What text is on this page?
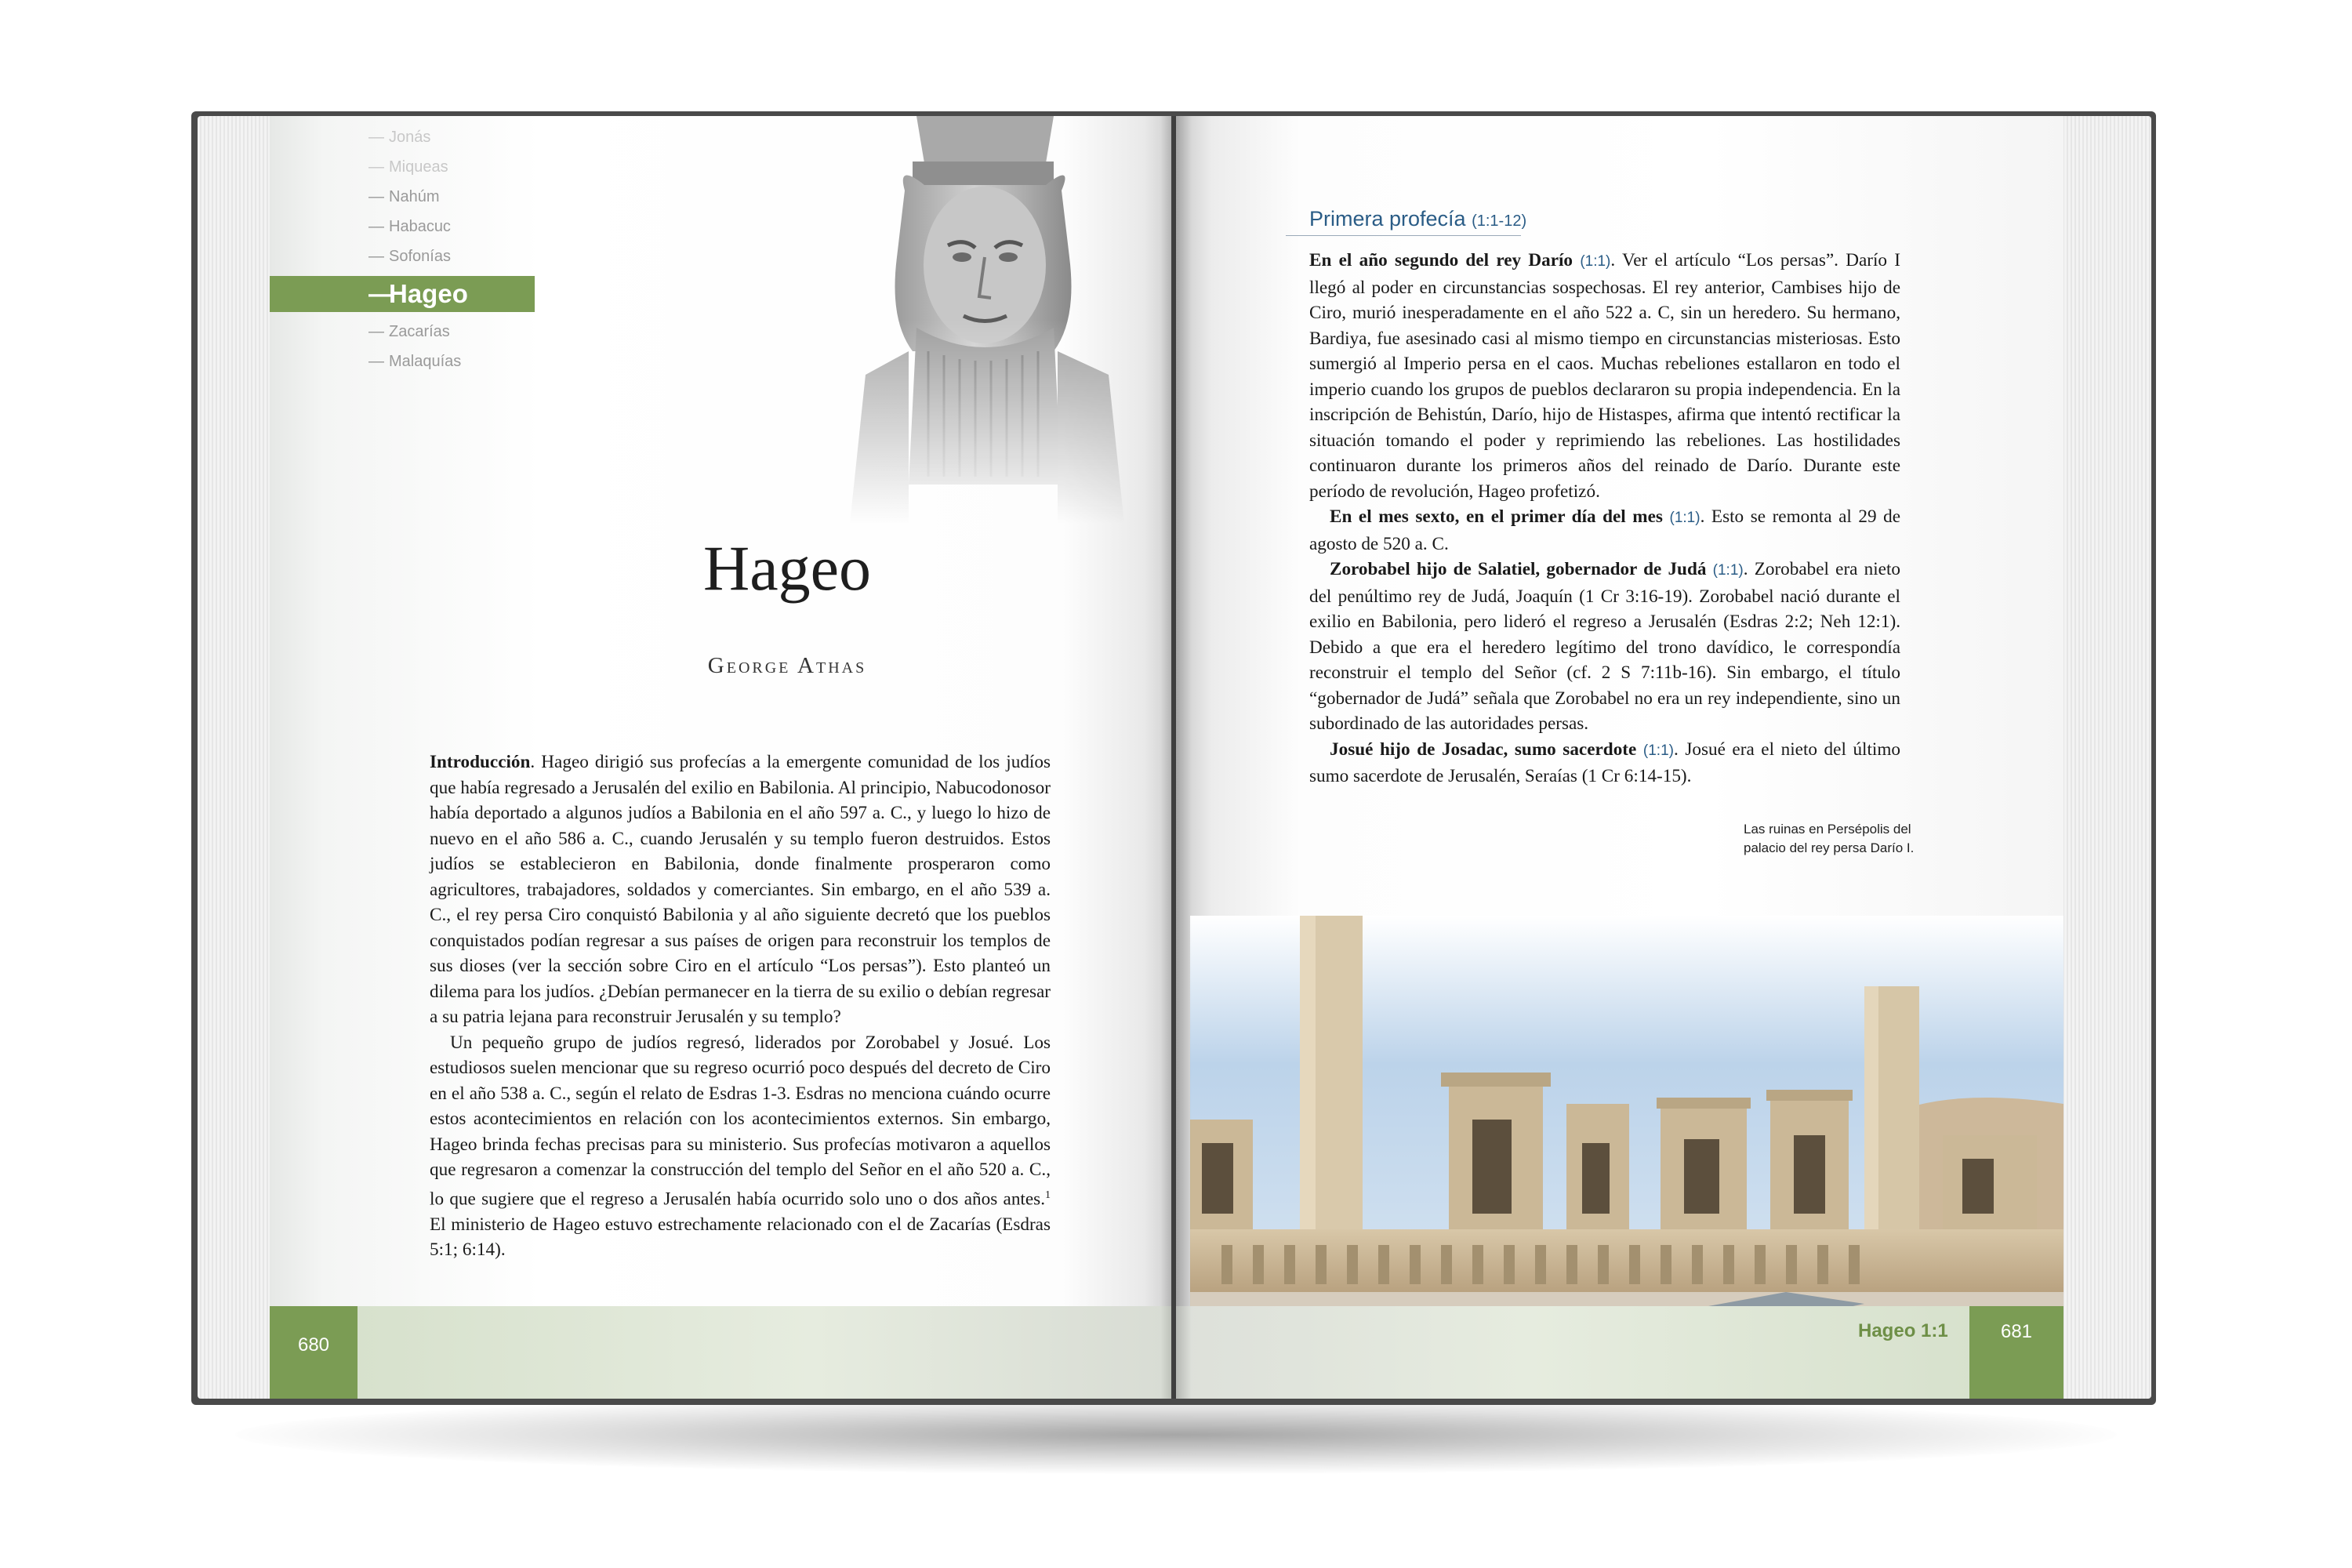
— Jonás
— Miqueas
— Nahúm
— Habacuc
— Sofonías
—
Hageo
— Zacarías
— Malaquías
Hageo
George Athas

Introducción. Hageo dirigió sus profecías a la emergente comunidad de los judíos que había regresado a Jerusalén del exilio en Babilonia. Al principio, Nabucodonosor había deportado a algunos judíos a Babilonia en el año 597 a. C., y luego lo hizo de nuevo en el año 586 a. C., cuando Jerusalén y su templo fueron destruidos. Estos judíos se establecieron en Babilonia, donde finalmente prosperaron como agricultores, trabajadores, soldados y comerciantes. Sin embargo, en el año 539 a. C., el rey persa Ciro conquistó Babilonia y al año siguiente decretó que los pueblos conquistados podían regresar a sus países de origen para reconstruir los templos de sus dioses (ver la sección sobre Ciro en el artículo “Los persas”). Esto planteó un dilema para los judíos. ¿Debían permanecer en la tierra de su exilio o debían regresar a su patria lejana para reconstruir Jerusalén y su templo?

Un pequeño grupo de judíos regresó, liderados por Zorobabel y Josué. Los estudiosos suelen mencionar que su regreso ocurrió poco después del decreto de Ciro en el año 538 a. C., según el relato de Esdras 1-3. Esdras no menciona cuándo ocurre estos acontecimientos en relación con los acontecimientos externos. Sin embargo, Hageo brinda fechas precisas para su ministerio. Sus profecías motivaron a aquellos que regresaron a comenzar la construcción del templo del Señor en el año 520 a. C., lo que sugiere que el regreso a Jerusalén había ocurrido solo uno o dos años antes.$^1$ El ministerio de Hageo estuvo estrechamente relacionado con el de Zacarías (Esdras 5:1; 6:14).

680
Primera profecía (1:1-12)

En el año segundo del rey Darío (1:1). Ver el artículo “Los persas”. Darío I llegó al poder en circunstancias sospechosas. El rey anterior, Cambises hijo de Ciro, murió inesperadamente en el año 522 a. C, sin un heredero. Su hermano, Bardiya, fue asesinado casi al mismo tiempo en circunstancias misteriosas. Esto sumergió al Imperio persa en el caos. Muchas rebeliones estallaron en todo el imperio cuando los grupos de pueblos declararon su propia independencia. En la inscripción de Behistún, Darío, hijo de Histaspes, afirma que intentó rectificar la situación tomando el poder y reprimiendo las rebeliones. Las hostilidades continuaron durante los primeros años del reinado de Darío. Durante este período de revolución, Hageo profetizó.

En el mes sexto, en el primer día del mes (1:1). Esto se remonta al 29 de agosto de 520 a. C.

Zorobabel hijo de Salatiel, gobernador de Judá (1:1). Zorobabel era nieto del penúltimo rey de Judá, Joaquín (1 Cr 3:16-19). Zorobabel nació durante el exilio en Babilonia, pero lideró el regreso a Jerusalén (Esdras 2:2; Neh 12:1). Debido a que era el heredero legítimo del trono davídico, le correspondía reconstruir el templo del Señor (cf. 2 S 7:11b-16). Sin embargo, el título “gobernador de Judá” señala que Zorobabel no era un rey independiente, sino un subordinado de las autoridades persas.

Josué hijo de Josadac, sumo sacerdote (1:1). Josué era el nieto del último sumo sacerdote de Jerusalén, Seraías (1 Cr 6:14-15).

Las ruinas en Persépolis del palacio del rey persa Darío I.
Hageo 1:1	681
